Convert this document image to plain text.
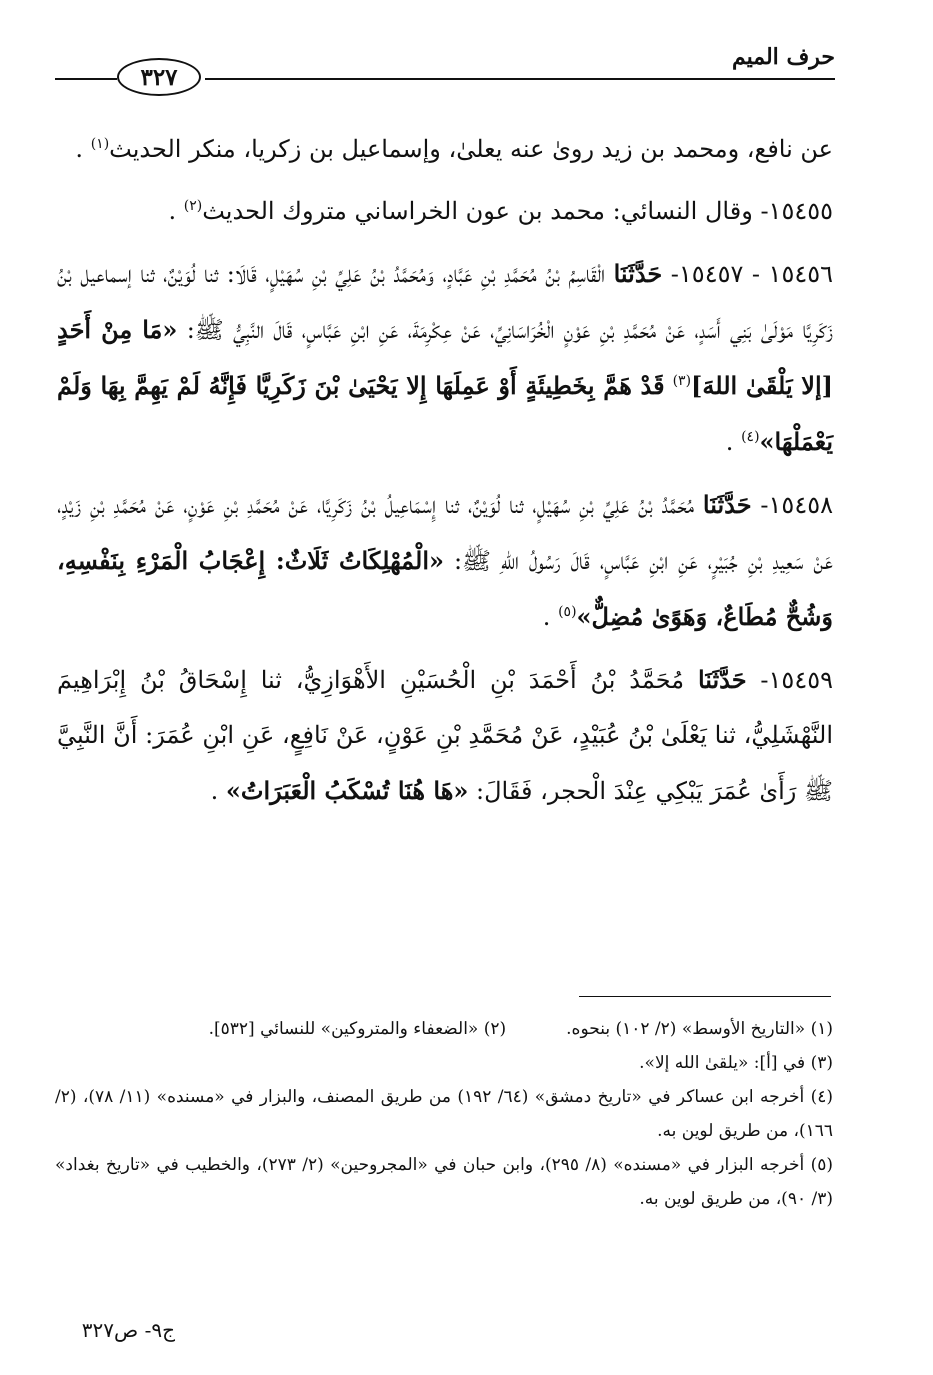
حرف الميم
٣٢٧

عن نافع، ومحمد بن زيد روىٰ عنه يعلىٰ، وإسماعيل بن زكريا، منكر الحديث$^{(١)}$ .

١٥٤٥٥- وقال النسائي: محمد بن عون الخراساني متروك الحديث$^{(٢)}$ .

١٥٤٥٦ - ١٥٤٥٧- حَدَّثَنَا الْقَاسِمُ بْنُ مُحَمَّدِ بْنِ عَبَّادٍ، وَمُحَمَّدُ بْنُ عَلِيِّ بْنِ سُهَيْلٍ، قَالَا: ثنا لُوَيْنٌ، ثنا إسماعيل بْنُ زَكَرِيَّا مَوْلَىٰ بَنِي أَسَدٍ، عَنْ مُحَمَّدِ بْنِ عَوْنٍ الْخُرَاسَانِيِّ، عَنْ عِكْرِمَةَ، عَنِ ابْنِ عَبَّاسٍ، قَالَ النَّبِيُّ ﷺ: «مَا مِنْ أَحَدٍ [إلا يَلْقَىٰ اللهَ]$^{(٣)}$ قَدْ هَمَّ بِخَطِيئَةٍ أَوْ عَمِلَهَا إِلا يَحْيَىٰ بْنَ زَكَرِيَّا فَإِنَّهُ لَمْ يَهِمَّ بِهَا وَلَمْ يَعْمَلْهَا»$^{(٤)}$ .

١٥٤٥٨- حَدَّثَنَا مُحَمَّدُ بْنُ عَلِيِّ بْنِ سُهَيْلٍ، ثنا لُوَيْنٌ، ثنا إِسْمَاعِيلُ بْنُ زَكَرِيَّا، عَنْ مُحَمَّدِ بْنِ عَوْنٍ، عَنْ مُحَمَّدِ بْنِ زَيْدٍ، عَنْ سَعِيدِ بْنِ جُبَيْرٍ، عَنِ ابْنِ عَبَّاسٍ، قَالَ رَسُولُ اللهِ ﷺ: «الْمُهْلِكَاتُ ثَلَاثٌ: إِعْجَابُ الْمَرْءِ بِنَفْسِهِ، وَشُحٌّ مُطَاعٌ، وَهَوًىٰ مُضِلٌّ»$^{(٥)}$ .

١٥٤٥٩- حَدَّثَنَا مُحَمَّدُ بْنُ أَحْمَدَ بْنِ الْحُسَيْنِ الأَهْوَازِيُّ، ثنا إِسْحَاقُ بْنُ إِبْرَاهِيمَ النَّهْشَلِيُّ، ثنا يَعْلَىٰ بْنُ عُبَيْدٍ، عَنْ مُحَمَّدِ بْنِ عَوْنٍ، عَنْ نَافِعٍ، عَنِ ابْنِ عُمَرَ: أَنَّ النَّبِيَّ ﷺ رَأَىٰ عُمَرَ يَبْكِي عِنْدَ الْحجر، فَقَالَ: «هَا هُنَا تُسْكَبُ الْعَبَرَاتُ» .

(١) «التاريخ الأوسط» (٢/ ١٠٢) بنحوه.
(٢) «الضعفاء والمتروكين» للنسائي [٥٣٢].

(٣) في [أ]: «يلقىٰ الله إلا».

(٤) أخرجه ابن عساكر في «تاريخ دمشق» (٦٤/ ١٩٢) من طريق المصنف، والبزار في «مسنده» (١١/ ٧٨)، (٢/ ١٦٦)، من طريق لوين به.

(٥) أخرجه البزار في «مسنده» (٨/ ٢٩٥)، وابن حبان في «المجروحين» (٢/ ٢٧٣)، والخطيب في «تاريخ بغداد» (٣/ ٩٠)، من طريق لوين به.

ج٩- ص٣٢٧
